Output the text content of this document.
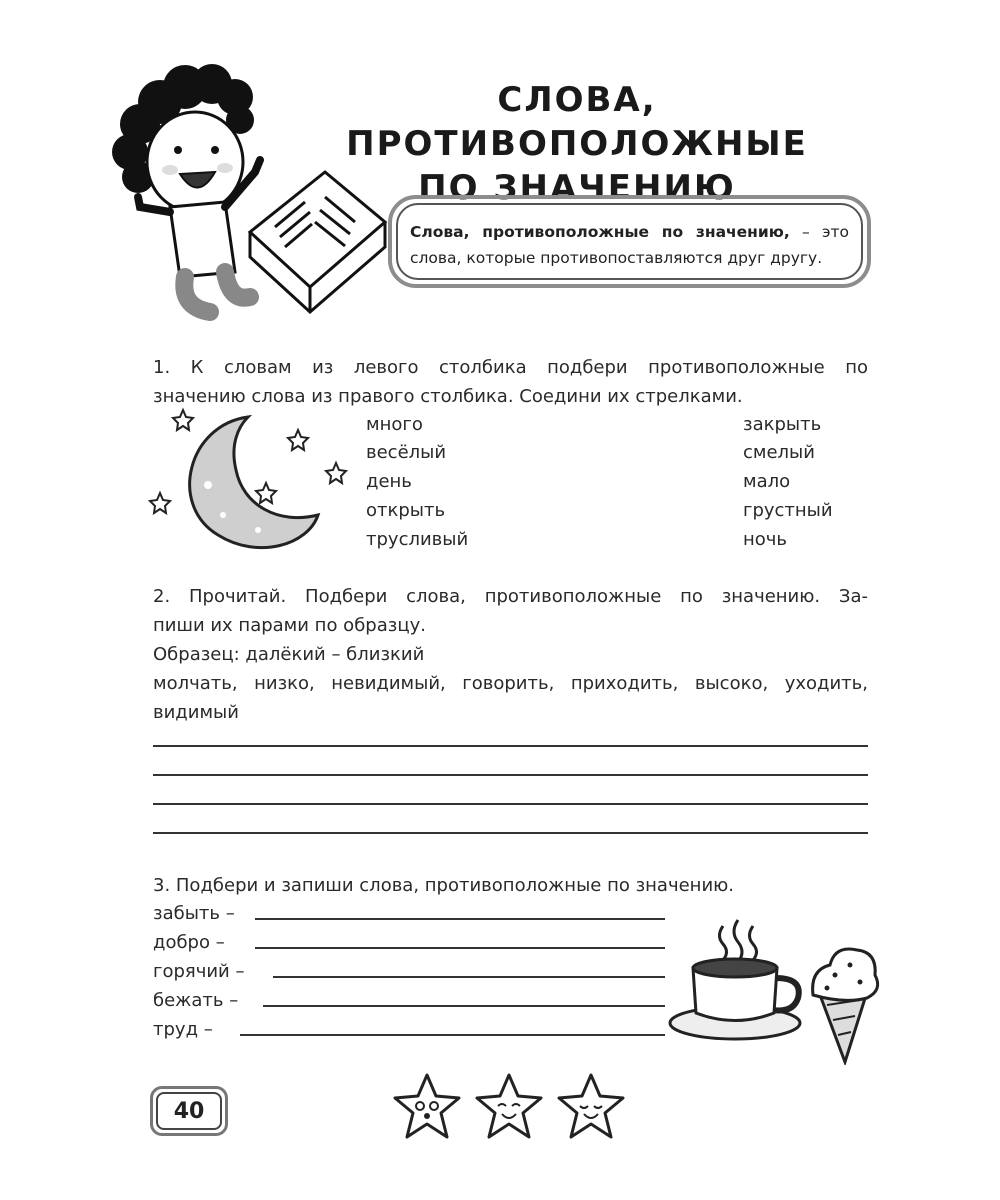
СЛОВА, ПРОТИВОПОЛОЖНЫЕ
ПО ЗНАЧЕНИЮ
Слова, противоположные по значению, – это слова, которые противопоставляются друг другу.
1. К словам из левого столбика подбери противоположные по
значению слова из правого столбика. Соедини их стрелками.
много
весёлый
день
открыть
трусливый
закрыть
смелый
мало
грустный
ночь
2. Прочитай. Подбери слова, противоположные по значению. За-
пиши их парами по образцу.
Образец: далёкий – близкий
молчать, низко, невидимый, говорить, приходить, высоко, уходить,
видимый
3. Подбери и запиши слова, противоположные по значению.
забыть –
добро –
горячий –
бежать –
труд –
40
